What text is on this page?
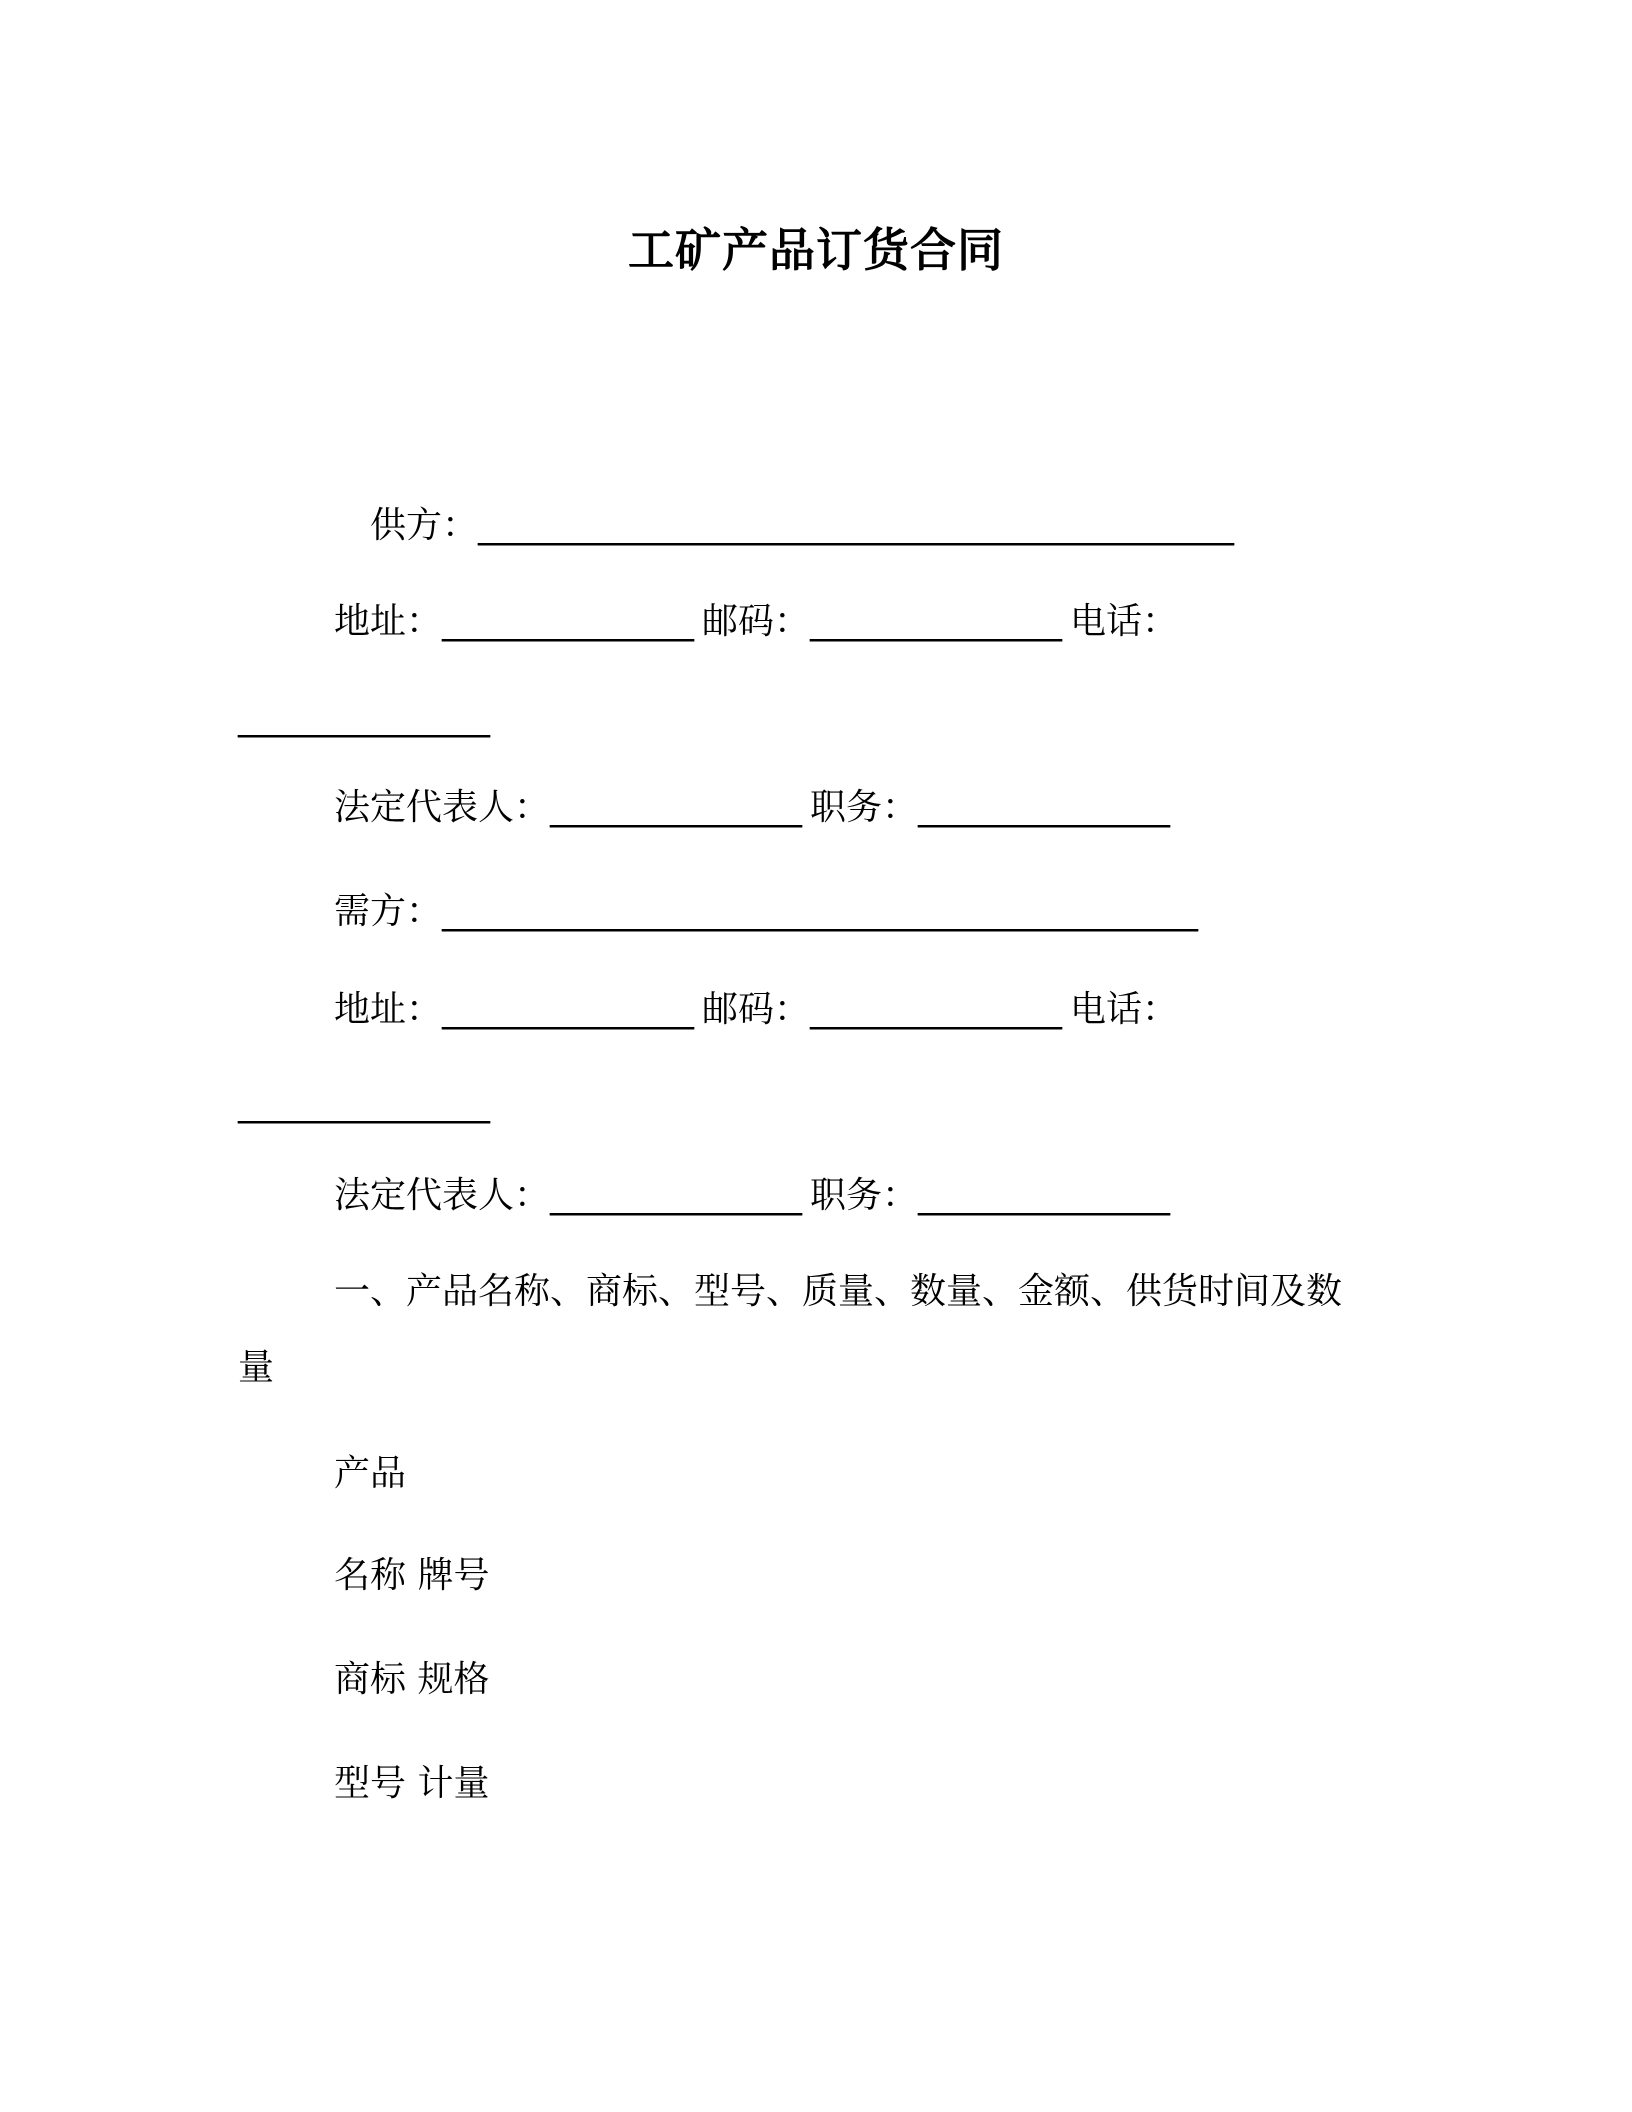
工矿产品订货合同

供方：__________________________________________

地址：______________ 邮码：______________ 电话：

______________

法定代表人：______________ 职务：______________

需方：__________________________________________

地址：______________ 邮码：______________ 电话：

______________

法定代表人：______________ 职务：______________

一、产品名称、商标、型号、质量、数量、金额、供货时间及数

量

产品

名称 牌号

商标 规格

型号 计量
